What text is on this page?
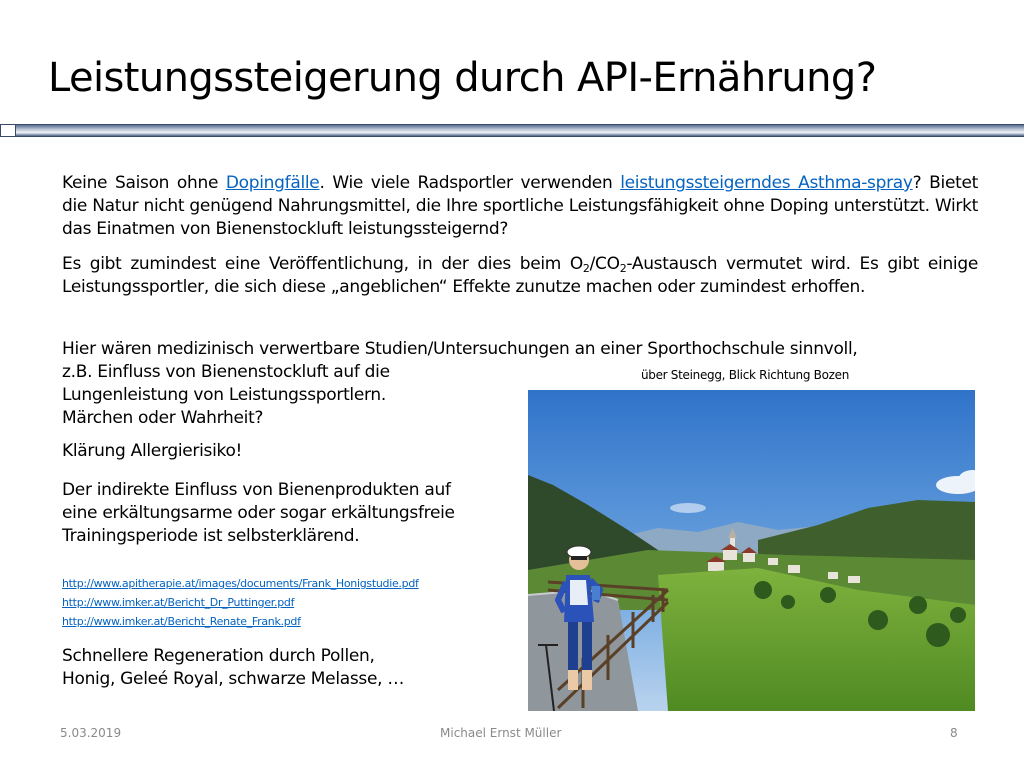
Leistungssteigerung durch API-Ernährung?
Keine Saison ohne Dopingfälle. Wie viele Radsportler verwenden leistungssteigerndes Asthma-spray? Bietet die Natur nicht genügend Nahrungsmittel, die Ihre sportliche Leistungsfähigkeit ohne Doping unterstützt. Wirkt das Einatmen von Bienenstockluft leistungssteigernd?
Es gibt zumindest eine Veröffentlichung, in der dies beim $O_2/CO_2$-Austausch vermutet wird. Es gibt einige Leistungssportler, die sich diese „angeblichen“ Effekte zunutze machen oder zumindest erhoffen.
Hier wären medizinisch verwertbare Studien/Untersuchungen an einer Sporthochschule sinnvoll,
z.B. Einfluss von Bienenstockluft auf die
Lungenleistung von Leistungssportlern.
Märchen oder Wahrheit?
Klärung Allergierisiko!
Der indirekte Einfluss von Bienenprodukten auf
eine erkältungsarme oder sogar erkältungsfreie
Trainingsperiode ist selbsterklärend.
http://www.apitherapie.at/images/documents/Frank_Honigstudie.pdf
http://www.imker.at/Bericht_Dr_Puttinger.pdf
http://www.imker.at/Bericht_Renate_Frank.pdf
Schnellere Regeneration durch Pollen,
Honig, Geleé Royal, schwarze Melasse, …
über Steinegg, Blick Richtung Bozen
5.03.2019	Michael Ernst Müller	8
